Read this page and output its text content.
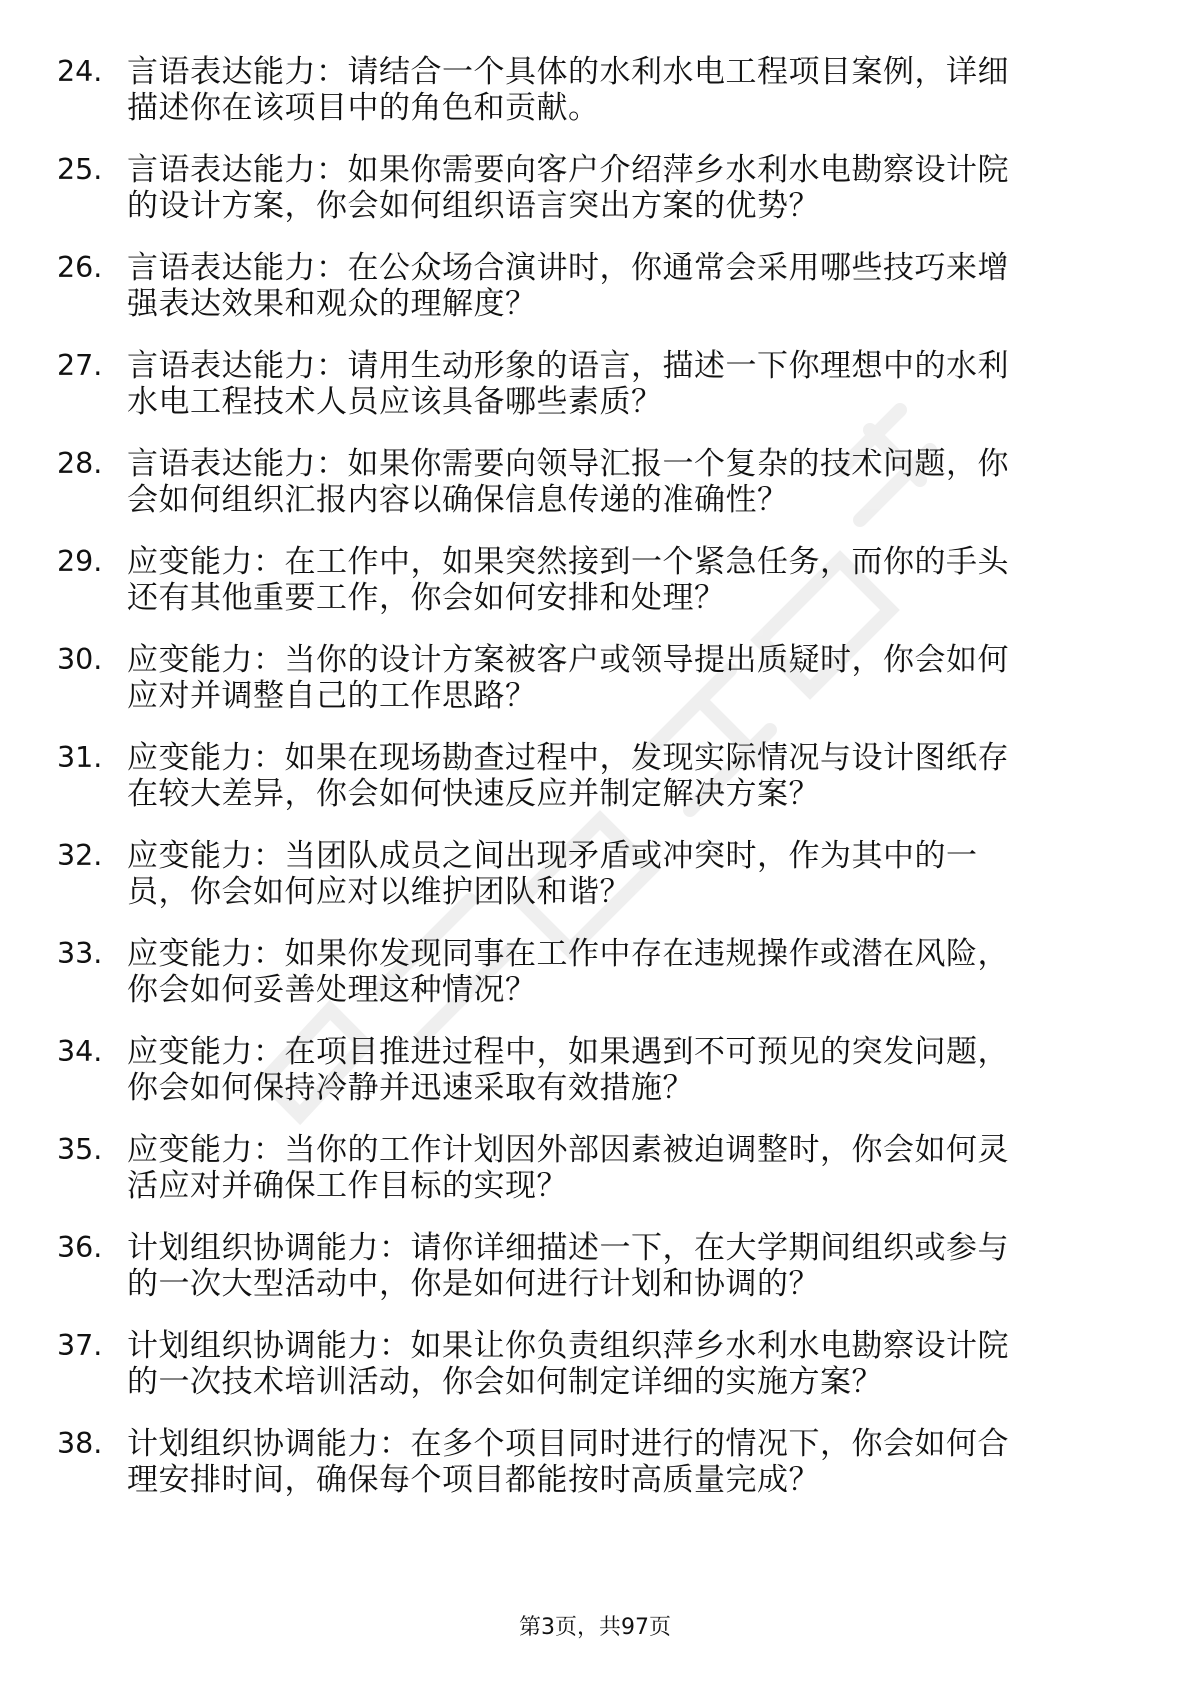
24. 言语表达能力：请结合一个具体的水利水电工程项目案例，详细
描述你在该项目中的角色和贡献。
25. 言语表达能力：如果你需要向客户介绍萍乡水利水电勘察设计院
的设计方案，你会如何组织语言突出方案的优势？
26. 言语表达能力：在公众场合演讲时，你通常会采用哪些技巧来增
强表达效果和观众的理解度？
27. 言语表达能力：请用生动形象的语言，描述一下你理想中的水利
水电工程技术人员应该具备哪些素质？
28. 言语表达能力：如果你需要向领导汇报一个复杂的技术问题，你
会如何组织汇报内容以确保信息传递的准确性？
29. 应变能力：在工作中，如果突然接到一个紧急任务，而你的手头
还有其他重要工作，你会如何安排和处理？
30. 应变能力：当你的设计方案被客户或领导提出质疑时，你会如何
应对并调整自己的工作思路？
31. 应变能力：如果在现场勘查过程中，发现实际情况与设计图纸存
在较大差异，你会如何快速反应并制定解决方案？
32. 应变能力：当团队成员之间出现矛盾或冲突时，作为其中的一
员，你会如何应对以维护团队和谐？
33. 应变能力：如果你发现同事在工作中存在违规操作或潜在风险，
你会如何妥善处理这种情况？
34. 应变能力：在项目推进过程中，如果遇到不可预见的突发问题，
你会如何保持冷静并迅速采取有效措施？
35. 应变能力：当你的工作计划因外部因素被迫调整时，你会如何灵
活应对并确保工作目标的实现？
36. 计划组织协调能力：请你详细描述一下，在大学期间组织或参与
的一次大型活动中，你是如何进行计划和协调的？
37. 计划组织协调能力：如果让你负责组织萍乡水利水电勘察设计院
的一次技术培训活动，你会如何制定详细的实施方案？
38. 计划组织协调能力：在多个项目同时进行的情况下，你会如何合
理安排时间，确保每个项目都能按时高质量完成？
第3页，共97页
